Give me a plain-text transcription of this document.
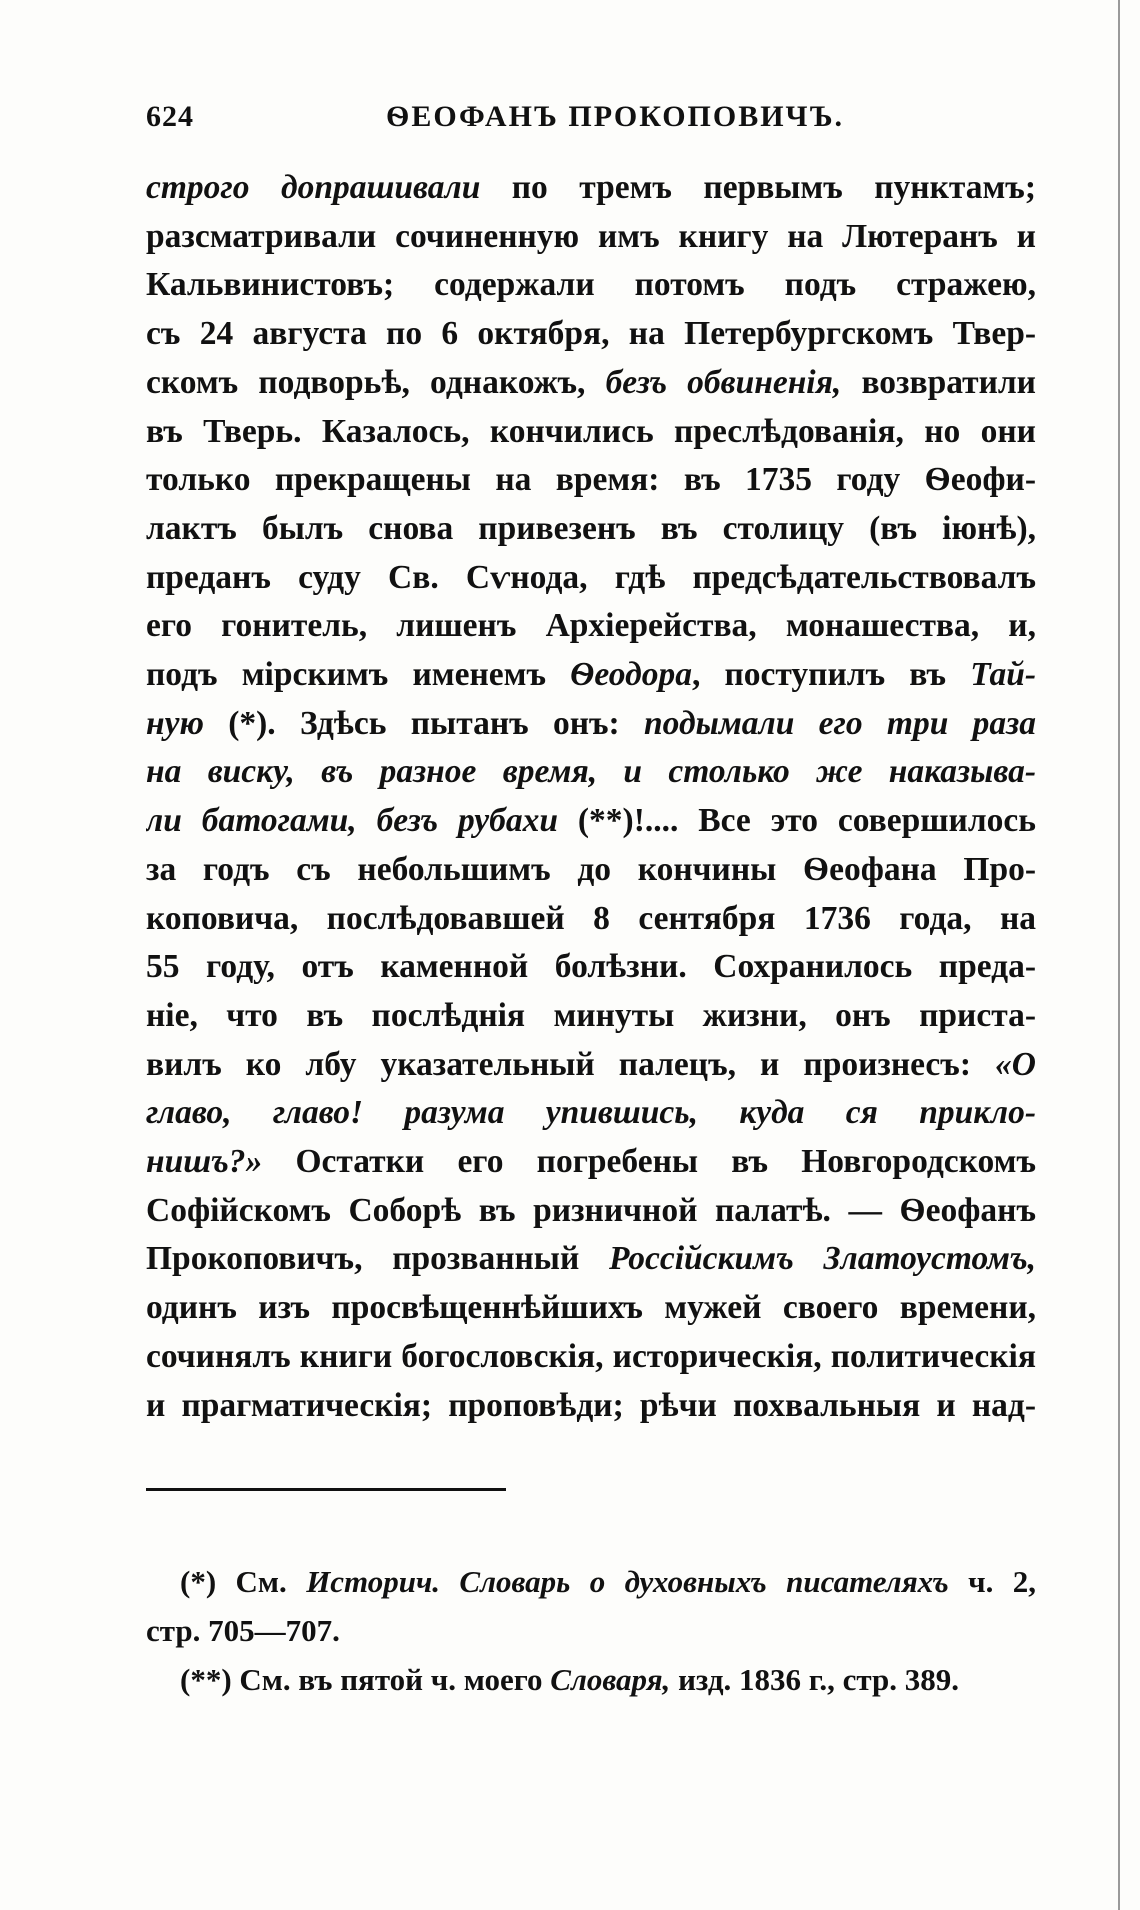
624	ѲЕОФАНЪ ПРОКОПОВИЧЪ.
строго допрашивали по тремъ первымъ пунктамъ;
разсматривали сочиненную имъ книгу на Лютеранъ и
Кальвинистовъ; содержали потомъ подъ стражею,
съ 24 августа по 6 октября, на Петербургскомъ Твер-
скомъ подворьѣ, однакожъ, безъ обвиненія, возвратили
въ Тверь. Казалось, кончились преслѣдованія, но они
только прекращены на время: въ 1735 году Ѳеофи-
лактъ былъ снова привезенъ въ столицу (въ іюнѣ),
преданъ суду Св. Сѵнода, гдѣ предсѣдательствовалъ
его гонитель, лишенъ Архіерейства, монашества, и,
подъ мірскимъ именемъ Ѳеодора, поступилъ въ Тай-
ную (*). Здѣсь пытанъ онъ: подымали его три раза
на виску, въ разное время, и столько же наказыва-
ли батогами, безъ рубахи (**)!.... Все это совершилось
за годъ съ небольшимъ до кончины Ѳеофана Про-
коповича, послѣдовавшей 8 сентября 1736 года, на
55 году, отъ каменной болѣзни. Сохранилось преда-
ніе, что въ послѣднія минуты жизни, онъ приста-
вилъ ко лбу указательный палецъ, и произнесъ: «О
главо, главо! разума упившись, куда ся прикло-
нишъ?» Остатки его погребены въ Новгородскомъ
Софійскомъ Соборѣ въ ризничной палатѣ. — Ѳеофанъ
Прокоповичъ, прозванный Россійскимъ Златоустомъ,
одинъ изъ просвѣщеннѣйшихъ мужей своего времени,
сочинялъ книги богословскія, историческія, политическія
и прагматическія; проповѣди; рѣчи похвальныя и над-
(*) См. Историч. Словарь о духовныхъ писателяхъ ч. 2,
стр. 705—707.
(**) См. въ пятой ч. моего Словаря, изд. 1836 г., стр. 389.
